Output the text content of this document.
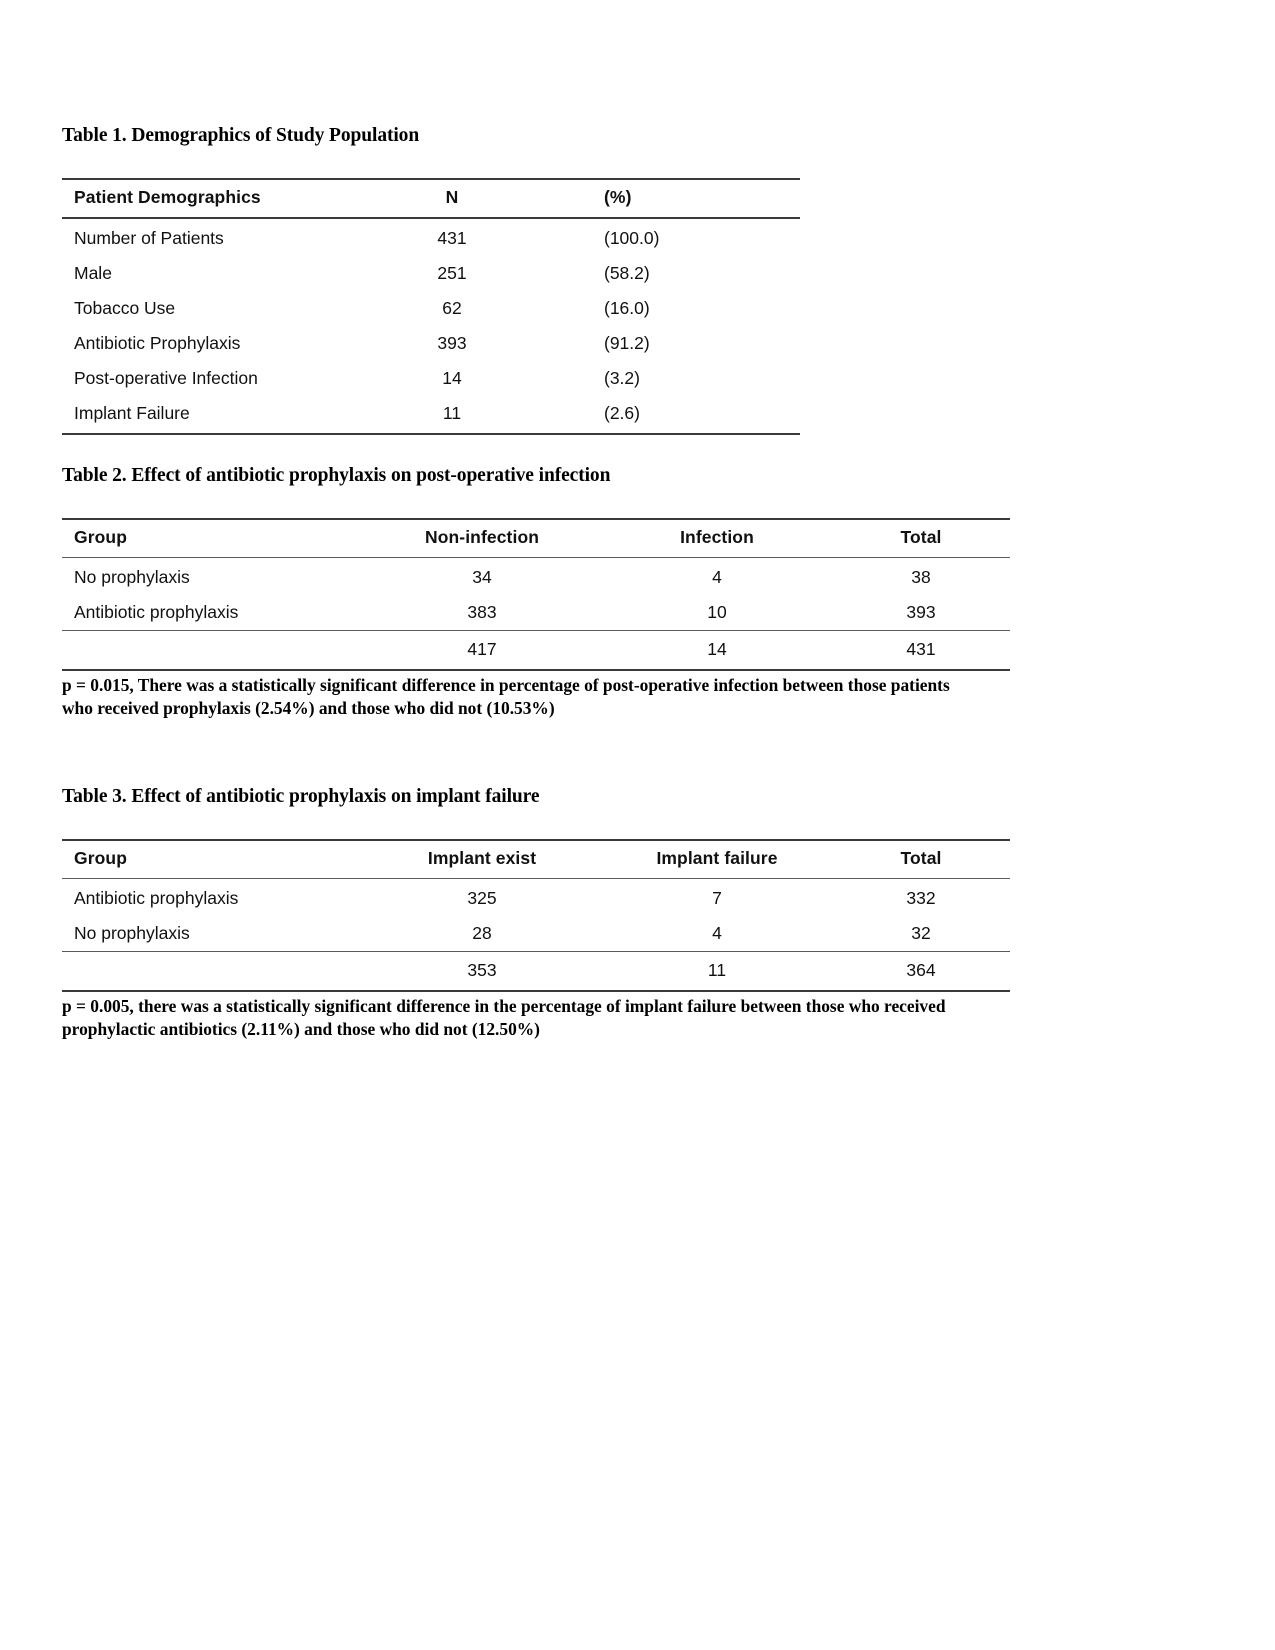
Table 1. Demographics of Study Population
Patient Demographics	N	(%)
Number of Patients	431	(100.0)
Male	251	(58.2)
Tobacco Use	62	(16.0)
Antibiotic Prophylaxis	393	(91.2)
Post-operative Infection	14	(3.2)
Implant Failure	11	(2.6)
Table 2. Effect of antibiotic prophylaxis on post-operative infection
Group	Non-infection	Infection	Total
No prophylaxis	34	4	38
Antibiotic prophylaxis	383	10	393
	417	14	431

p = 0.015, There was a statistically significant difference in percentage of post-operative infection between those patients who received prophylaxis (2.54%) and those who did not (10.53%)

Table 3. Effect of antibiotic prophylaxis on implant failure
Group	Implant exist	Implant failure	Total
Antibiotic prophylaxis	325	7	332
No prophylaxis	28	4	32
	353	11	364

p = 0.005, there was a statistically significant difference in the percentage of implant failure between those who received prophylactic antibiotics (2.11%) and those who did not (12.50%)
